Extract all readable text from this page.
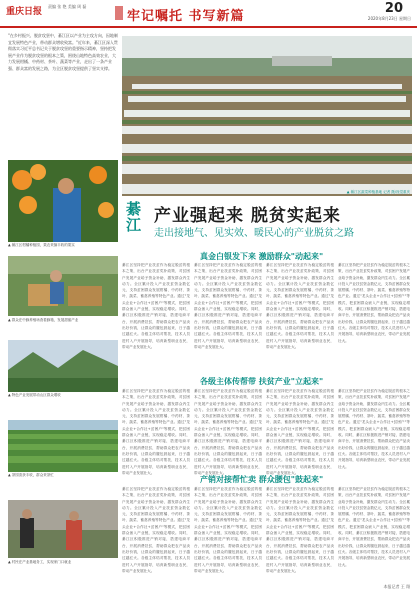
重庆日报
责编 张 艳 美编 周 磊
牢记嘱托 书写新篇
20
2020年8月23日 星期日
"在乡村振兴、脱贫攻坚中，綦江区以产业为主攻方向，因地制宜发展特色产业，带动群众增收致富。"近年来，綦江区深入贯彻落实习近平总书记关于脱贫攻坚的重要指示精神，坚持把发展产业作为脱贫攻坚的根本之策，围绕山地特色高效农业，大力发展柑橘、中药材、茶叶、蔬菜等产业，走出了一条产业强、群众富的发展之路，为全区脱贫攻坚提供了坚实支撑。
▲ 綦江区蔬菜种植基地 记者 摄/视觉重庆
▲ 綦江区柑橘种植园，果农采摘丰收的果实
▲ 群众在中蜂养殖场查看蜂箱，发展甜蜜产业
▲ 特色产业发展带动山区群众增收
▲ 茶园喜获丰收，群众采茶忙
▲ 村民在产业基地务工，实现家门口就业
綦江 产业强起来 脱贫实起来
走出接地气、见实效、暖民心的产业脱贫之路
真金白银发下来 激励群众"动起来"
各级主体传帮带 扶贫产业"立起来"
产销对接帮忙卖 群众腰包"鼓起来"
綦江区坚持把产业扶贫作为稳定脱贫的根本之策，出台产业扶贫奖补政策，对贫困户发展产业给予资金补助，激发群众内生动力。全区累计投入产业扶贫资金数亿元，支持贫困群众发展柑橘、中药材、茶叶、蔬菜、畜禽养殖等特色产业。通过"龙头企业+合作社+贫困户"等模式，把贫困群众嵌入产业链，实现稳定增收。同时，綦江区积极推进产销对接，搭建电商平台，开展消费扶贫，帮助群众把农产品卖出好价钱，让群众的腰包鼓起来，日子越过越红火。各级主体结对帮扶，技术人员进村入户开展指导，培育新型职业农民，带动产业发展壮大。
綦江区坚持把产业扶贫作为稳定脱贫的根本之策，出台产业扶贫奖补政策，对贫困户发展产业给予资金补助，激发群众内生动力。全区累计投入产业扶贫资金数亿元，支持贫困群众发展柑橘、中药材、茶叶、蔬菜、畜禽养殖等特色产业。通过"龙头企业+合作社+贫困户"等模式，把贫困群众嵌入产业链，实现稳定增收。同时，綦江区积极推进产销对接，搭建电商平台，开展消费扶贫，帮助群众把农产品卖出好价钱，让群众的腰包鼓起来，日子越过越红火。各级主体结对帮扶，技术人员进村入户开展指导，培育新型职业农民，带动产业发展壮大。
綦江区坚持把产业扶贫作为稳定脱贫的根本之策，出台产业扶贫奖补政策，对贫困户发展产业给予资金补助，激发群众内生动力。全区累计投入产业扶贫资金数亿元，支持贫困群众发展柑橘、中药材、茶叶、蔬菜、畜禽养殖等特色产业。通过"龙头企业+合作社+贫困户"等模式，把贫困群众嵌入产业链，实现稳定增收。同时，綦江区积极推进产销对接，搭建电商平台，开展消费扶贫，帮助群众把农产品卖出好价钱，让群众的腰包鼓起来，日子越过越红火。各级主体结对帮扶，技术人员进村入户开展指导，培育新型职业农民，带动产业发展壮大。
綦江区坚持把产业扶贫作为稳定脱贫的根本之策，出台产业扶贫奖补政策，对贫困户发展产业给予资金补助，激发群众内生动力。全区累计投入产业扶贫资金数亿元，支持贫困群众发展柑橘、中药材、茶叶、蔬菜、畜禽养殖等特色产业。通过"龙头企业+合作社+贫困户"等模式，把贫困群众嵌入产业链，实现稳定增收。同时，綦江区积极推进产销对接，搭建电商平台，开展消费扶贫，帮助群众把农产品卖出好价钱，让群众的腰包鼓起来，日子越过越红火。各级主体结对帮扶，技术人员进村入户开展指导，培育新型职业农民，带动产业发展壮大。
綦江区坚持把产业扶贫作为稳定脱贫的根本之策，出台产业扶贫奖补政策，对贫困户发展产业给予资金补助，激发群众内生动力。全区累计投入产业扶贫资金数亿元，支持贫困群众发展柑橘、中药材、茶叶、蔬菜、畜禽养殖等特色产业。通过"龙头企业+合作社+贫困户"等模式，把贫困群众嵌入产业链，实现稳定增收。同时，綦江区积极推进产销对接，搭建电商平台，开展消费扶贫，帮助群众把农产品卖出好价钱，让群众的腰包鼓起来，日子越过越红火。各级主体结对帮扶，技术人员进村入户开展指导，培育新型职业农民，带动产业发展壮大。
綦江区坚持把产业扶贫作为稳定脱贫的根本之策，出台产业扶贫奖补政策，对贫困户发展产业给予资金补助，激发群众内生动力。全区累计投入产业扶贫资金数亿元，支持贫困群众发展柑橘、中药材、茶叶、蔬菜、畜禽养殖等特色产业。通过"龙头企业+合作社+贫困户"等模式，把贫困群众嵌入产业链，实现稳定增收。同时，綦江区积极推进产销对接，搭建电商平台，开展消费扶贫，帮助群众把农产品卖出好价钱，让群众的腰包鼓起来，日子越过越红火。各级主体结对帮扶，技术人员进村入户开展指导，培育新型职业农民，带动产业发展壮大。
綦江区坚持把产业扶贫作为稳定脱贫的根本之策，出台产业扶贫奖补政策，对贫困户发展产业给予资金补助，激发群众内生动力。全区累计投入产业扶贫资金数亿元，支持贫困群众发展柑橘、中药材、茶叶、蔬菜、畜禽养殖等特色产业。通过"龙头企业+合作社+贫困户"等模式，把贫困群众嵌入产业链，实现稳定增收。同时，綦江区积极推进产销对接，搭建电商平台，开展消费扶贫，帮助群众把农产品卖出好价钱，让群众的腰包鼓起来，日子越过越红火。各级主体结对帮扶，技术人员进村入户开展指导，培育新型职业农民，带动产业发展壮大。
綦江区坚持把产业扶贫作为稳定脱贫的根本之策，出台产业扶贫奖补政策，对贫困户发展产业给予资金补助，激发群众内生动力。全区累计投入产业扶贫资金数亿元，支持贫困群众发展柑橘、中药材、茶叶、蔬菜、畜禽养殖等特色产业。通过"龙头企业+合作社+贫困户"等模式，把贫困群众嵌入产业链，实现稳定增收。同时，綦江区积极推进产销对接，搭建电商平台，开展消费扶贫，帮助群众把农产品卖出好价钱，让群众的腰包鼓起来，日子越过越红火。各级主体结对帮扶，技术人员进村入户开展指导，培育新型职业农民，带动产业发展壮大。
綦江区坚持把产业扶贫作为稳定脱贫的根本之策，出台产业扶贫奖补政策，对贫困户发展产业给予资金补助，激发群众内生动力。全区累计投入产业扶贫资金数亿元，支持贫困群众发展柑橘、中药材、茶叶、蔬菜、畜禽养殖等特色产业。通过"龙头企业+合作社+贫困户"等模式，把贫困群众嵌入产业链，实现稳定增收。同时，綦江区积极推进产销对接，搭建电商平台，开展消费扶贫，帮助群众把农产品卖出好价钱，让群众的腰包鼓起来，日子越过越红火。各级主体结对帮扶，技术人员进村入户开展指导，培育新型职业农民，带动产业发展壮大。
綦江区坚持把产业扶贫作为稳定脱贫的根本之策，出台产业扶贫奖补政策，对贫困户发展产业给予资金补助，激发群众内生动力。全区累计投入产业扶贫资金数亿元，支持贫困群众发展柑橘、中药材、茶叶、蔬菜、畜禽养殖等特色产业。通过"龙头企业+合作社+贫困户"等模式，把贫困群众嵌入产业链，实现稳定增收。同时，綦江区积极推进产销对接，搭建电商平台，开展消费扶贫，帮助群众把农产品卖出好价钱，让群众的腰包鼓起来，日子越过越红火。各级主体结对帮扶，技术人员进村入户开展指导，培育新型职业农民，带动产业发展壮大。
綦江区坚持把产业扶贫作为稳定脱贫的根本之策，出台产业扶贫奖补政策，对贫困户发展产业给予资金补助，激发群众内生动力。全区累计投入产业扶贫资金数亿元，支持贫困群众发展柑橘、中药材、茶叶、蔬菜、畜禽养殖等特色产业。通过"龙头企业+合作社+贫困户"等模式，把贫困群众嵌入产业链，实现稳定增收。同时，綦江区积极推进产销对接，搭建电商平台，开展消费扶贫，帮助群众把农产品卖出好价钱，让群众的腰包鼓起来，日子越过越红火。各级主体结对帮扶，技术人员进村入户开展指导，培育新型职业农民，带动产业发展壮大。
綦江区坚持把产业扶贫作为稳定脱贫的根本之策，出台产业扶贫奖补政策，对贫困户发展产业给予资金补助，激发群众内生动力。全区累计投入产业扶贫资金数亿元，支持贫困群众发展柑橘、中药材、茶叶、蔬菜、畜禽养殖等特色产业。通过"龙头企业+合作社+贫困户"等模式，把贫困群众嵌入产业链，实现稳定增收。同时，綦江区积极推进产销对接，搭建电商平台，开展消费扶贫，帮助群众把农产品卖出好价钱，让群众的腰包鼓起来，日子越过越红火。各级主体结对帮扶，技术人员进村入户开展指导，培育新型职业农民，带动产业发展壮大。
本报记者 王 翔
